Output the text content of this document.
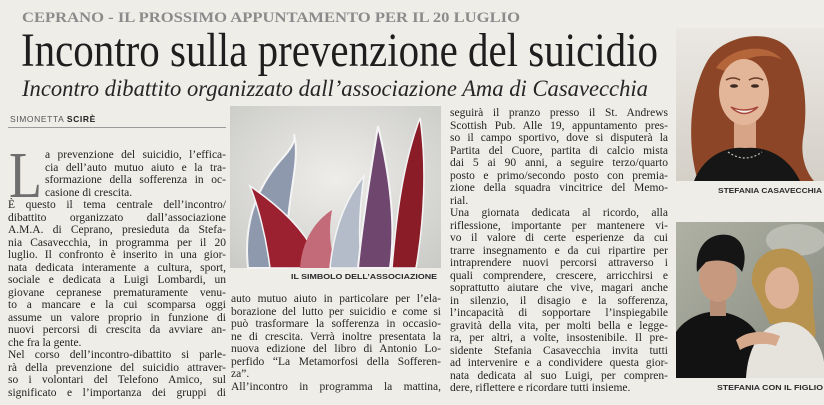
CEPRANO - IL PROSSIMO APPUNTAMENTO PER IL 20 LUGLIO
Incontro sulla prevenzione del suicidio
Incontro dibattito organizzato dall’associazione Ama di Casavecchia
SIMONETTA SCIRÈ
L a prevenzione del suicidio, l’effica-
cia dell’auto mutuo aiuto e la tra-
sformazione della sofferenza in oc-
casione di crescita.
È questo il tema centrale dell’incontro/
dibattito organizzato dall’associazione
A.M.A. di Ceprano, presieduta da Stefa-
nia Casavecchia, in programma per il 20
luglio. Il confronto è inserito in una gior-
nata dedicata interamente a cultura, sport,
sociale e dedicata a Luigi Lombardi, un
giovane cepranese prematuramente venu-
to a mancare e la cui scomparsa oggi
assume un valore proprio in funzione di
nuovi percorsi di crescita da avviare an-
che fra la gente.
Nel corso dell’incontro-dibattito si parle-
rà della prevenzione del suicidio attraver-
so i volontari del Telefono Amico, sul
significato e l’importanza dei gruppi di
IL SIMBOLO DELL’ASSOCIAZIONE
auto mutuo aiuto in particolare per l’ela-
borazione del lutto per suicidio e come si
può trasformare la sofferenza in occasio-
ne di crescita. Verrà inoltre presentata la
nuova edizione del libro di Antonio Lo-
perfido “La Metamorfosi della Sofferen-
za”.
All’incontro in programma la mattina,
seguirà il pranzo presso il St. Andrews
Scottish Pub. Alle 19, appuntamento pres-
so il campo sportivo, dove si disputerà la
Partita del Cuore, partita di calcio mista
dai 5 ai 90 anni, a seguire terzo/quarto
posto e primo/secondo posto con premia-
zione della squadra vincitrice del Memo-
rial.
Una giornata dedicata al ricordo, alla
riflessione, importante per mantenere vi-
vo il valore di certe esperienze da cui
trarre insegnamento e da cui ripartire per
intraprendere nuovi percorsi attraverso i
quali comprendere, crescere, arricchirsi e
soprattutto aiutare che vive, magari anche
in silenzio, il disagio e la sofferenza,
l’incapacità di sopportare l’inspiegabile
gravità della vita, per molti bella e legge-
ra, per altri, a volte, insostenibile. Il pre-
sidente Stefania Casavecchia invita tutti
ad intervenire e a condividere questa gior-
nata dedicata al suo Luigi, per compren-
dere, riflettere e ricordare tutti insieme.
STEFANIA CASAVECCHIA
STEFANIA CON IL FIGLIO
